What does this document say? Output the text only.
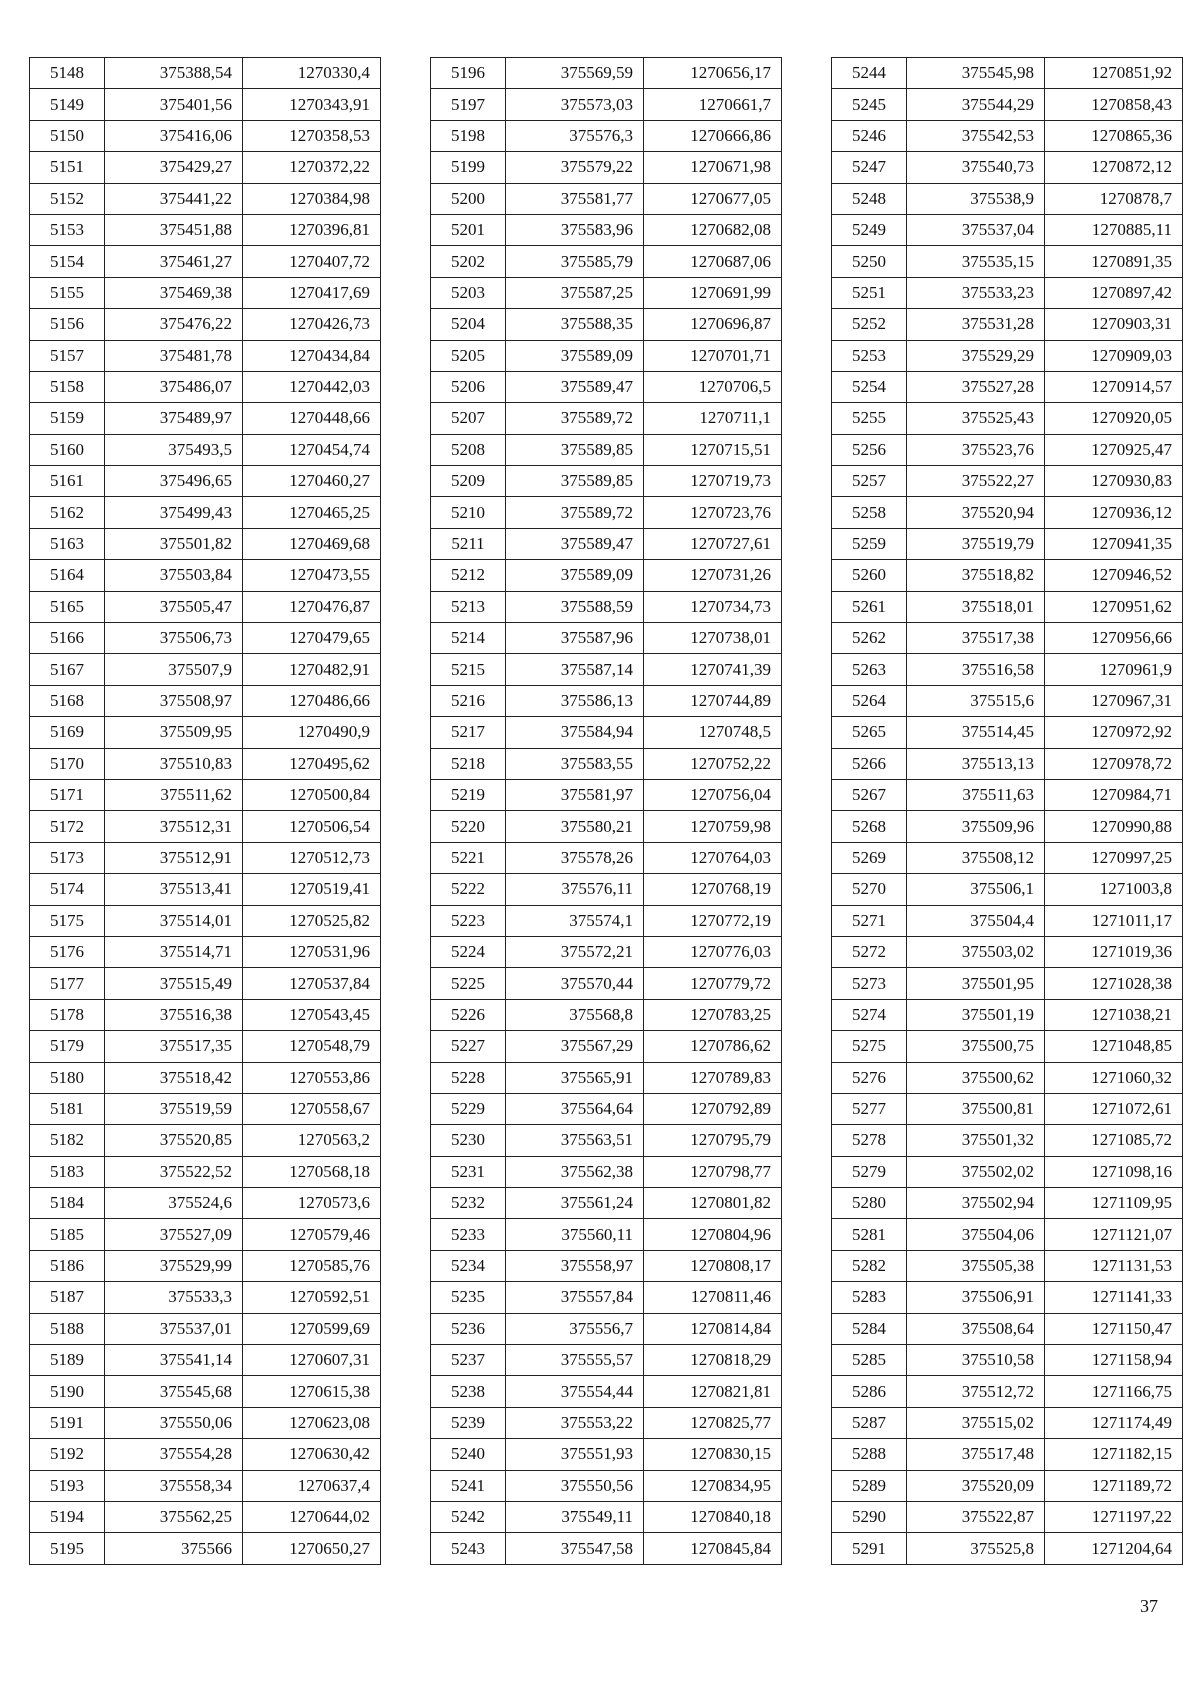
5148	375388,54	1270330,4
5149	375401,56	1270343,91
5150	375416,06	1270358,53
5151	375429,27	1270372,22
5152	375441,22	1270384,98
5153	375451,88	1270396,81
5154	375461,27	1270407,72
5155	375469,38	1270417,69
5156	375476,22	1270426,73
5157	375481,78	1270434,84
5158	375486,07	1270442,03
5159	375489,97	1270448,66
5160	375493,5	1270454,74
5161	375496,65	1270460,27
5162	375499,43	1270465,25
5163	375501,82	1270469,68
5164	375503,84	1270473,55
5165	375505,47	1270476,87
5166	375506,73	1270479,65
5167	375507,9	1270482,91
5168	375508,97	1270486,66
5169	375509,95	1270490,9
5170	375510,83	1270495,62
5171	375511,62	1270500,84
5172	375512,31	1270506,54
5173	375512,91	1270512,73
5174	375513,41	1270519,41
5175	375514,01	1270525,82
5176	375514,71	1270531,96
5177	375515,49	1270537,84
5178	375516,38	1270543,45
5179	375517,35	1270548,79
5180	375518,42	1270553,86
5181	375519,59	1270558,67
5182	375520,85	1270563,2
5183	375522,52	1270568,18
5184	375524,6	1270573,6
5185	375527,09	1270579,46
5186	375529,99	1270585,76
5187	375533,3	1270592,51
5188	375537,01	1270599,69
5189	375541,14	1270607,31
5190	375545,68	1270615,38
5191	375550,06	1270623,08
5192	375554,28	1270630,42
5193	375558,34	1270637,4
5194	375562,25	1270644,02
5195	375566	1270650,27
5196	375569,59	1270656,17
5197	375573,03	1270661,7
5198	375576,3	1270666,86
5199	375579,22	1270671,98
5200	375581,77	1270677,05
5201	375583,96	1270682,08
5202	375585,79	1270687,06
5203	375587,25	1270691,99
5204	375588,35	1270696,87
5205	375589,09	1270701,71
5206	375589,47	1270706,5
5207	375589,72	1270711,1
5208	375589,85	1270715,51
5209	375589,85	1270719,73
5210	375589,72	1270723,76
5211	375589,47	1270727,61
5212	375589,09	1270731,26
5213	375588,59	1270734,73
5214	375587,96	1270738,01
5215	375587,14	1270741,39
5216	375586,13	1270744,89
5217	375584,94	1270748,5
5218	375583,55	1270752,22
5219	375581,97	1270756,04
5220	375580,21	1270759,98
5221	375578,26	1270764,03
5222	375576,11	1270768,19
5223	375574,1	1270772,19
5224	375572,21	1270776,03
5225	375570,44	1270779,72
5226	375568,8	1270783,25
5227	375567,29	1270786,62
5228	375565,91	1270789,83
5229	375564,64	1270792,89
5230	375563,51	1270795,79
5231	375562,38	1270798,77
5232	375561,24	1270801,82
5233	375560,11	1270804,96
5234	375558,97	1270808,17
5235	375557,84	1270811,46
5236	375556,7	1270814,84
5237	375555,57	1270818,29
5238	375554,44	1270821,81
5239	375553,22	1270825,77
5240	375551,93	1270830,15
5241	375550,56	1270834,95
5242	375549,11	1270840,18
5243	375547,58	1270845,84
5244	375545,98	1270851,92
5245	375544,29	1270858,43
5246	375542,53	1270865,36
5247	375540,73	1270872,12
5248	375538,9	1270878,7
5249	375537,04	1270885,11
5250	375535,15	1270891,35
5251	375533,23	1270897,42
5252	375531,28	1270903,31
5253	375529,29	1270909,03
5254	375527,28	1270914,57
5255	375525,43	1270920,05
5256	375523,76	1270925,47
5257	375522,27	1270930,83
5258	375520,94	1270936,12
5259	375519,79	1270941,35
5260	375518,82	1270946,52
5261	375518,01	1270951,62
5262	375517,38	1270956,66
5263	375516,58	1270961,9
5264	375515,6	1270967,31
5265	375514,45	1270972,92
5266	375513,13	1270978,72
5267	375511,63	1270984,71
5268	375509,96	1270990,88
5269	375508,12	1270997,25
5270	375506,1	1271003,8
5271	375504,4	1271011,17
5272	375503,02	1271019,36
5273	375501,95	1271028,38
5274	375501,19	1271038,21
5275	375500,75	1271048,85
5276	375500,62	1271060,32
5277	375500,81	1271072,61
5278	375501,32	1271085,72
5279	375502,02	1271098,16
5280	375502,94	1271109,95
5281	375504,06	1271121,07
5282	375505,38	1271131,53
5283	375506,91	1271141,33
5284	375508,64	1271150,47
5285	375510,58	1271158,94
5286	375512,72	1271166,75
5287	375515,02	1271174,49
5288	375517,48	1271182,15
5289	375520,09	1271189,72
5290	375522,87	1271197,22
5291	375525,8	1271204,64
37
